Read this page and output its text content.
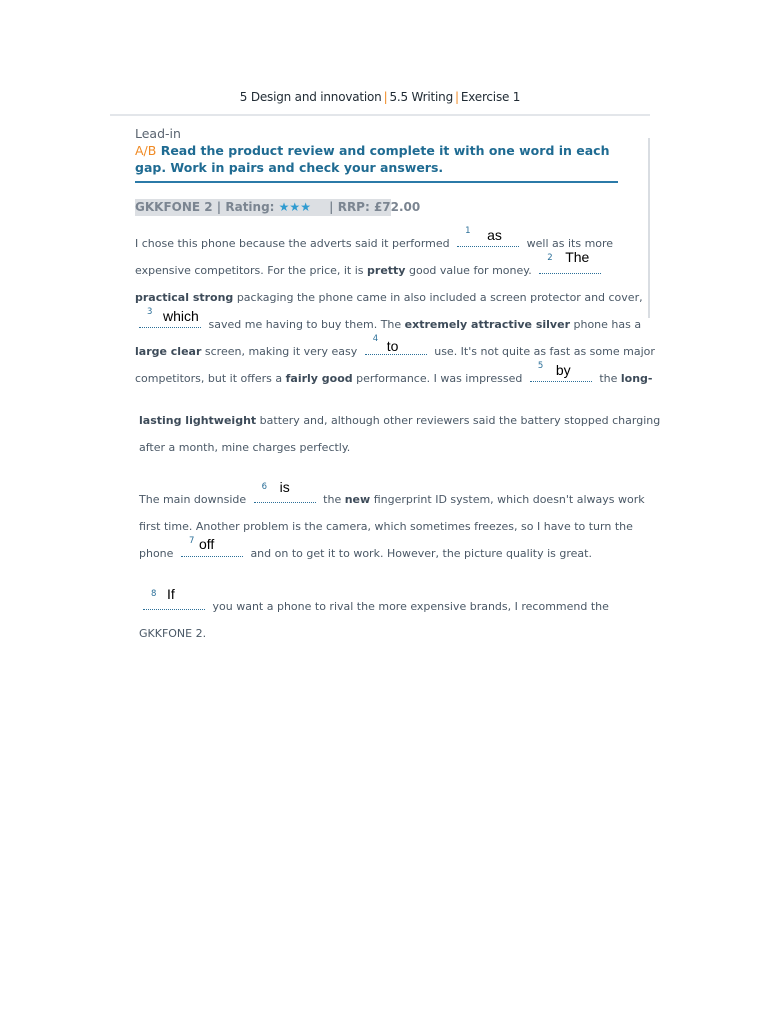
5 Design and innovation | 5.5 Writing | Exercise 1
Lead-in
A/B Read the product review and complete it with one word in each gap. Work in pairs and check your answers.
GKKFONE 2 | Rating: ★★★ | RRP: £72.00
I chose this phone because the adverts said it performed
1 as
well as its more
expensive competitors. For the price, it is pretty good value for money.
2 The
practical strong packaging the phone came in also included a screen protector and cover,
3 which
saved me having to buy them. The extremely attractive silver phone has a
large clear screen, making it very easy
4 to	use. It's not quite as fast as some major
competitors, but it offers a fairly good performance. I was impressed
5 by
the long-
lasting lightweight battery and, although other reviewers said the battery stopped charging
after a month, mine charges perfectly.
The main downside
6 is
the new fingerprint ID system, which doesn't always work
first time. Another problem is the camera, which sometimes freezes, so I have to turn the
phone
7 off
and on to get it to work. However, the picture quality is great.
8 If
you want a phone to rival the more expensive brands, I recommend the
GKKFONE 2.
